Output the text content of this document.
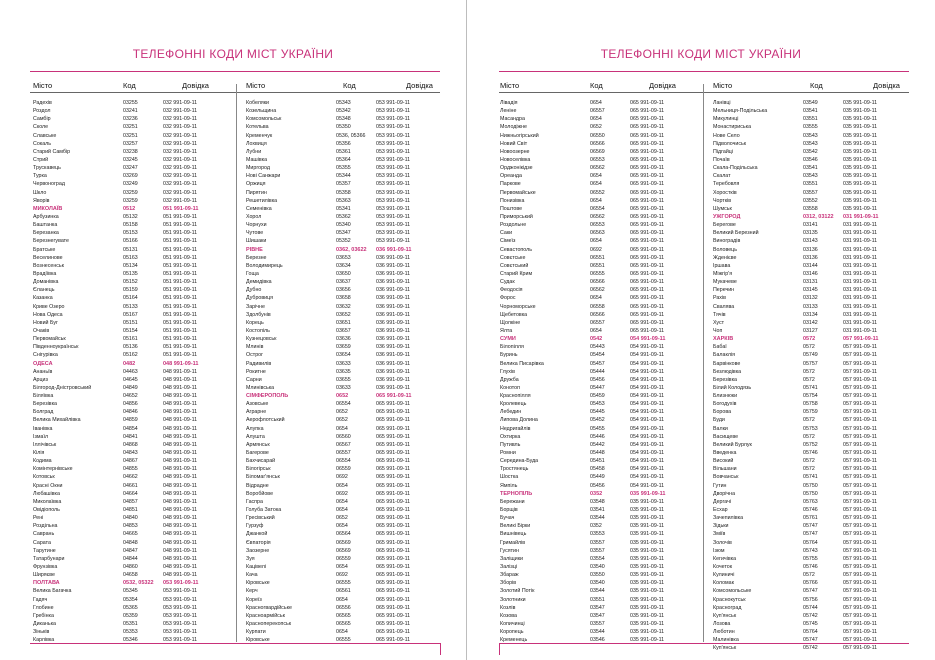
ТЕЛЕФОННІ КОДИ МІСТ УКРАЇНИ
Місто	Код	Довідка	Місто	Код	Довідка
Радехів	03255	032 991-09-11
Роздол	03241	032 991-09-11
Самбір	03236	032 991-09-11
Сколе	03251	032 991-09-11
Славське	03251	032 991-09-11
Сокаль	03257	032 991-09-11
Старий Самбір	03238	032 991-09-11
Стрий	03245	032 991-09-11
Трускавець	03247	032 991-09-11
Турка	03269	032 991-09-11
Червоноград	03249	032 991-09-11
Шкло	03259	032 991-09-11
Яворів	03259	032 991-09-11
МИКОЛАЇВ	0512	051 991-09-11
Арбузинка	05132	051 991-09-11
Баштанка	05158	051 991-09-11
Березанка	05153	051 991-09-11
Березнегувате	05166	051 991-09-11
Братське	05131	051 991-09-11
Веселинове	05163	051 991-09-11
Вознесенськ	05134	051 991-09-11
Врадіївка	05135	051 991-09-11
Доманівка	05152	051 991-09-11
Єланець	05159	051 991-09-11
Казанка	05164	051 991-09-11
Криве Озеро	05133	051 991-09-11
Нова Одеса	05167	051 991-09-11
Новий Буг	05151	051 991-09-11
Очаків	05154	051 991-09-11
Первомайськ	05161	051 991-09-11
Південноукраїнськ	05136	051 991-09-11
Снігурівка	05162	051 991-09-11
ОДЕСА	0482	048 991-09-11
Ананьїв	04463	048 991-09-11
Арциз	04645	048 991-09-11
Білгород-Дністровський	04849	048 991-09-11
Біляївка	04652	048 991-09-11
Березівка	04856	048 991-09-11
Болград	04846	048 991-09-11
Велика Михайлівка	04859	048 991-09-11
Іванівка	04854	048 991-09-11
Ізмаїл	04841	048 991-09-11
Іллічівськ	04868	048 991-09-11
Кілія	04843	048 991-09-11
Кодима	04867	048 991-09-11
Комінтернівське	04855	048 991-09-11
Котовськ	04662	048 991-09-11
Красні Окни	04661	048 991-09-11
Любашівка	04664	048 991-09-11
Миколаївка	04857	048 991-09-11
Овідіополь	04851	048 991-09-11
Рені	04840	048 991-09-11
Роздільна	04853	048 991-09-11
Саврань	04665	048 991-09-11
Сарата	04848	048 991-09-11
Тарутине	04847	048 991-09-11
Татарбунари	04844	048 991-09-11
Фрунзівка	04860	048 991-09-11
Ширяєве	04658	048 991-09-11
ПОЛТАВА	0532, 05322	053 991-09-11
Велика Багачка	05345	053 991-09-11
Гадяч	05354	053 991-09-11
Глобине	05365	053 991-09-11
Гребінка	05359	053 991-09-11
Диканька	05351	053 991-09-11
Зіньків	05353	053 991-09-11
Карлівка	05346	053 991-09-11
Кобеляки	05343	053 991-09-11
Козельщина	05342	053 991-09-11
Комсомольськ	05348	053 991-09-11
Котельва	05350	053 991-09-11
Кременчук	0536, 05366	053 991-09-11
Лохвиця	05356	053 991-09-11
Лубни	05361	053 991-09-11
Машівка	05364	053 991-09-11
Миргород	05355	053 991-09-11
Нові Санжари	05344	053 991-09-11
Оржиця	05357	053 991-09-11
Пирятин	05358	053 991-09-11
Решетилівка	05363	053 991-09-11
Семенівка	05341	053 991-09-11
Хорол	05362	053 991-09-11
Чорнухи	05340	053 991-09-11
Чутове	05347	053 991-09-11
Шишаки	05352	053 991-09-11
РІВНЕ	0362, 03622	036 991-09-11
Березне	03653	036 991-09-11
Володимирець	03634	036 991-09-11
Гоща	03650	036 991-09-11
Демидівка	03637	036 991-09-11
Дубно	03656	036 991-09-11
Дубровиця	03658	036 991-09-11
Зарічне	03632	036 991-09-11
Здолбунів	03652	036 991-09-11
Корець	03651	036 991-09-11
Костопіль	03657	036 991-09-11
Кузнецовськ	03636	036 991-09-11
Млинів	03659	036 991-09-11
Острог	03654	036 991-09-11
Радивилів	03633	036 991-09-11
Рокитне	03635	036 991-09-11
Сарни	03655	036 991-09-11
Млинівська	03633	036 991-09-11
СІМФЕРОПОЛЬ	0652	065 991-09-11
Азовське	06554	065 991-09-11
Аграрне	0652	065 991-09-11
Аерофлотський	0652	065 991-09-11
Алупка	0654	065 991-09-11
Алушта	06560	065 991-09-11
Армянськ	06567	065 991-09-11
Багерове	06557	065 991-09-11
Бахчисарай	06554	065 991-09-11
Білогірськ	06559	065 991-09-11
Біломаг'янськ	0692	065 991-09-11
Відрадне	0654	065 991-09-11
Воробйове	0692	065 991-09-11
Гаспра	0654	065 991-09-11
Голуба Затока	0654	065 991-09-11
Гресівський	0652	065 991-09-11
Гурзуф	0654	065 991-09-11
Джанкой	06564	065 991-09-11
Євпаторія	06569	065 991-09-11
Заозерне	06569	065 991-09-11
Зуя	06559	065 991-09-11
Кацівелі	0654	065 991-09-11
Кача	0692	065 991-09-11
Кіровське	06555	065 991-09-11
Керч	06561	065 991-09-11
Кореїз	0654	065 991-09-11
Красногвардійське	06556	065 991-09-11
Красноармійськ	06565	065 991-09-11
Красноперекопськ	06565	065 991-09-11
Курпати	0654	065 991-09-11
Кіровське	06555	065 991-09-11
ТЕЛЕФОННІ КОДИ МІСТ УКРАЇНИ
Місто	Код	Довідка	Місто	Код	Довідка
Лівадія	0654	065 991-09-11
Леніне	06557	065 991-09-11
Масандра	0654	065 991-09-11
Молодіжне	0652	065 991-09-11
Нижньогірський	06550	065 991-09-11
Новий Світ	06566	065 991-09-11
Новоозерне	06569	065 991-09-11
Новоселівка	06553	065 991-09-11
Орджонікідзе	06562	065 991-09-11
Ореанда	0654	065 991-09-11
Паркове	0654	065 991-09-11
Первомайське	06552	065 991-09-11
Понизівка	0654	065 991-09-11
Поштове	06554	065 991-09-11
Приморський	06562	065 991-09-11
Роздольне	06553	065 991-09-11
Саки	06563	065 991-09-11
Сімеїз	0654	065 991-09-11
Севастополь	0692	065 991-09-11
Совєтське	06551	065 991-09-11
Совєтський	06551	065 991-09-11
Старий Крим	06555	065 991-09-11
Судак	06566	065 991-09-11
Феодосія	06562	065 991-09-11
Форос	0654	065 991-09-11
Чорноморське	06558	065 991-09-11
Щебетовка	06566	065 991-09-11
Щолкіне	06557	065 991-09-11
Ялта	0654	065 991-09-11
СУМИ	0542	054 991-09-11
Білопілля	05443	054 991-09-11
Буринь	05454	054 991-09-11
Велика Писарівка	05457	054 991-09-11
Глухів	05444	054 991-09-11
Дружба	05456	054 991-09-11
Конотоп	05447	054 991-09-11
Краснопілля	05459	054 991-09-11
Кролевець	05453	054 991-09-11
Лебедин	05445	054 991-09-11
Липова Долина	05452	054 991-09-11
Недригайлів	05455	054 991-09-11
Охтирка	05446	054 991-09-11
Путивль	05442	054 991-09-11
Ромни	05448	054 991-09-11
Середина-Буда	05451	054 991-09-11
Тростянець	05458	054 991-09-11
Шостка	05449	054 991-09-11
Ямпіль	05456	054 991-09-11
ТЕРНОПІЛЬ	0352	035 991-09-11
Бережани	03548	035 991-09-11
Борщів	03541	035 991-09-11
Бучач	03544	035 991-09-11
Великі Бірки	0352	035 991-09-11
Вишнівець	03553	035 991-09-11
Гримайлів	03557	035 991-09-11
Гусятин	03557	035 991-09-11
Заліщики	03554	035 991-09-11
Залізці	03540	035 991-09-11
Збараж	03550	035 991-09-11
Зборів	03540	035 991-09-11
Золотий Потік	03544	035 991-09-11
Золотники	03551	035 991-09-11
Козлів	03547	035 991-09-11
Козова	03547	035 991-09-11
Копичинці	03557	035 991-09-11
Коропець	03544	035 991-09-11
Кременець	03546	035 991-09-11
Ланівці	03549	035 991-09-11
Мельниця-Подільська	03541	035 991-09-11
Микулинці	03551	035 991-09-11
Монастириська	03555	035 991-09-11
Нове Село	03543	035 991-09-11
Підволочиськ	03543	035 991-09-11
Підгайці	03542	035 991-09-11
Почаїв	03546	035 991-09-11
Скала-Подільська	03541	035 991-09-11
Скалат	03543	035 991-09-11
Теребовля	03551	035 991-09-11
Хоростків	03557	035 991-09-11
Чортків	03552	035 991-09-11
Шумськ	03558	035 991-09-11
УЖГОРОД	0312, 03122	031 991-09-11
Берегове	03141	031 991-09-11
Великий Березний	03135	031 991-09-11
Виноградів	03143	031 991-09-11
Воловець	03136	031 991-09-11
Жденієве	03136	031 991-09-11
Іршава	03144	031 991-09-11
Міжгір'я	03146	031 991-09-11
Мукачеве	03131	031 991-09-11
Перечин	03145	031 991-09-11
Рахів	03132	031 991-09-11
Свалява	03133	031 991-09-11
Тячів	03134	031 991-09-11
Хуст	03142	031 991-09-11
Чоп	03127	031 991-09-11
ХАРКІВ	0572	057 991-09-11
Бабаї	0572	057 991-09-11
Балаклія	05749	057 991-09-11
Барвінкове	05757	057 991-09-11
Безлюдівка	0572	057 991-09-11
Березівка	0572	057 991-09-11
Білий Колодязь	05741	057 991-09-11
Близнюки	05754	057 991-09-11
Богодухів	05758	057 991-09-11
Борова	05759	057 991-09-11
Буди	0572	057 991-09-11
Валки	05753	057 991-09-11
Васищеве	0572	057 991-09-11
Великий Бурлук	05752	057 991-09-11
Введенка	05746	057 991-09-11
Високий	0572	057 991-09-11
Вільшани	0572	057 991-09-11
Вовчанськ	05741	057 991-09-11
Гутин	05750	057 991-09-11
Дворічна	05750	057 991-09-11
Дергачі	05763	057 991-09-11
Есхар	05746	057 991-09-11
Зачепилівка	05761	057 991-09-11
Зідьки	05747	057 991-09-11
Зміїв	05747	057 991-09-11
Золочів	05764	057 991-09-11
Ізюм	05743	057 991-09-11
Кегичівка	05755	057 991-09-11
Кочеток	05746	057 991-09-11
Кулиничі	0572	057 991-09-11
Коломак	05766	057 991-09-11
Комсомольське	05747	057 991-09-11
Краснокутськ	05756	057 991-09-11
Красноград	05744	057 991-09-11
Куп'янськ	05742	057 991-09-11
Лозова	05745	057 991-09-11
Люботин	05764	057 991-09-11
Малинівка	05747	057 991-09-11
Куп'янськ	05742	057 991-09-11
